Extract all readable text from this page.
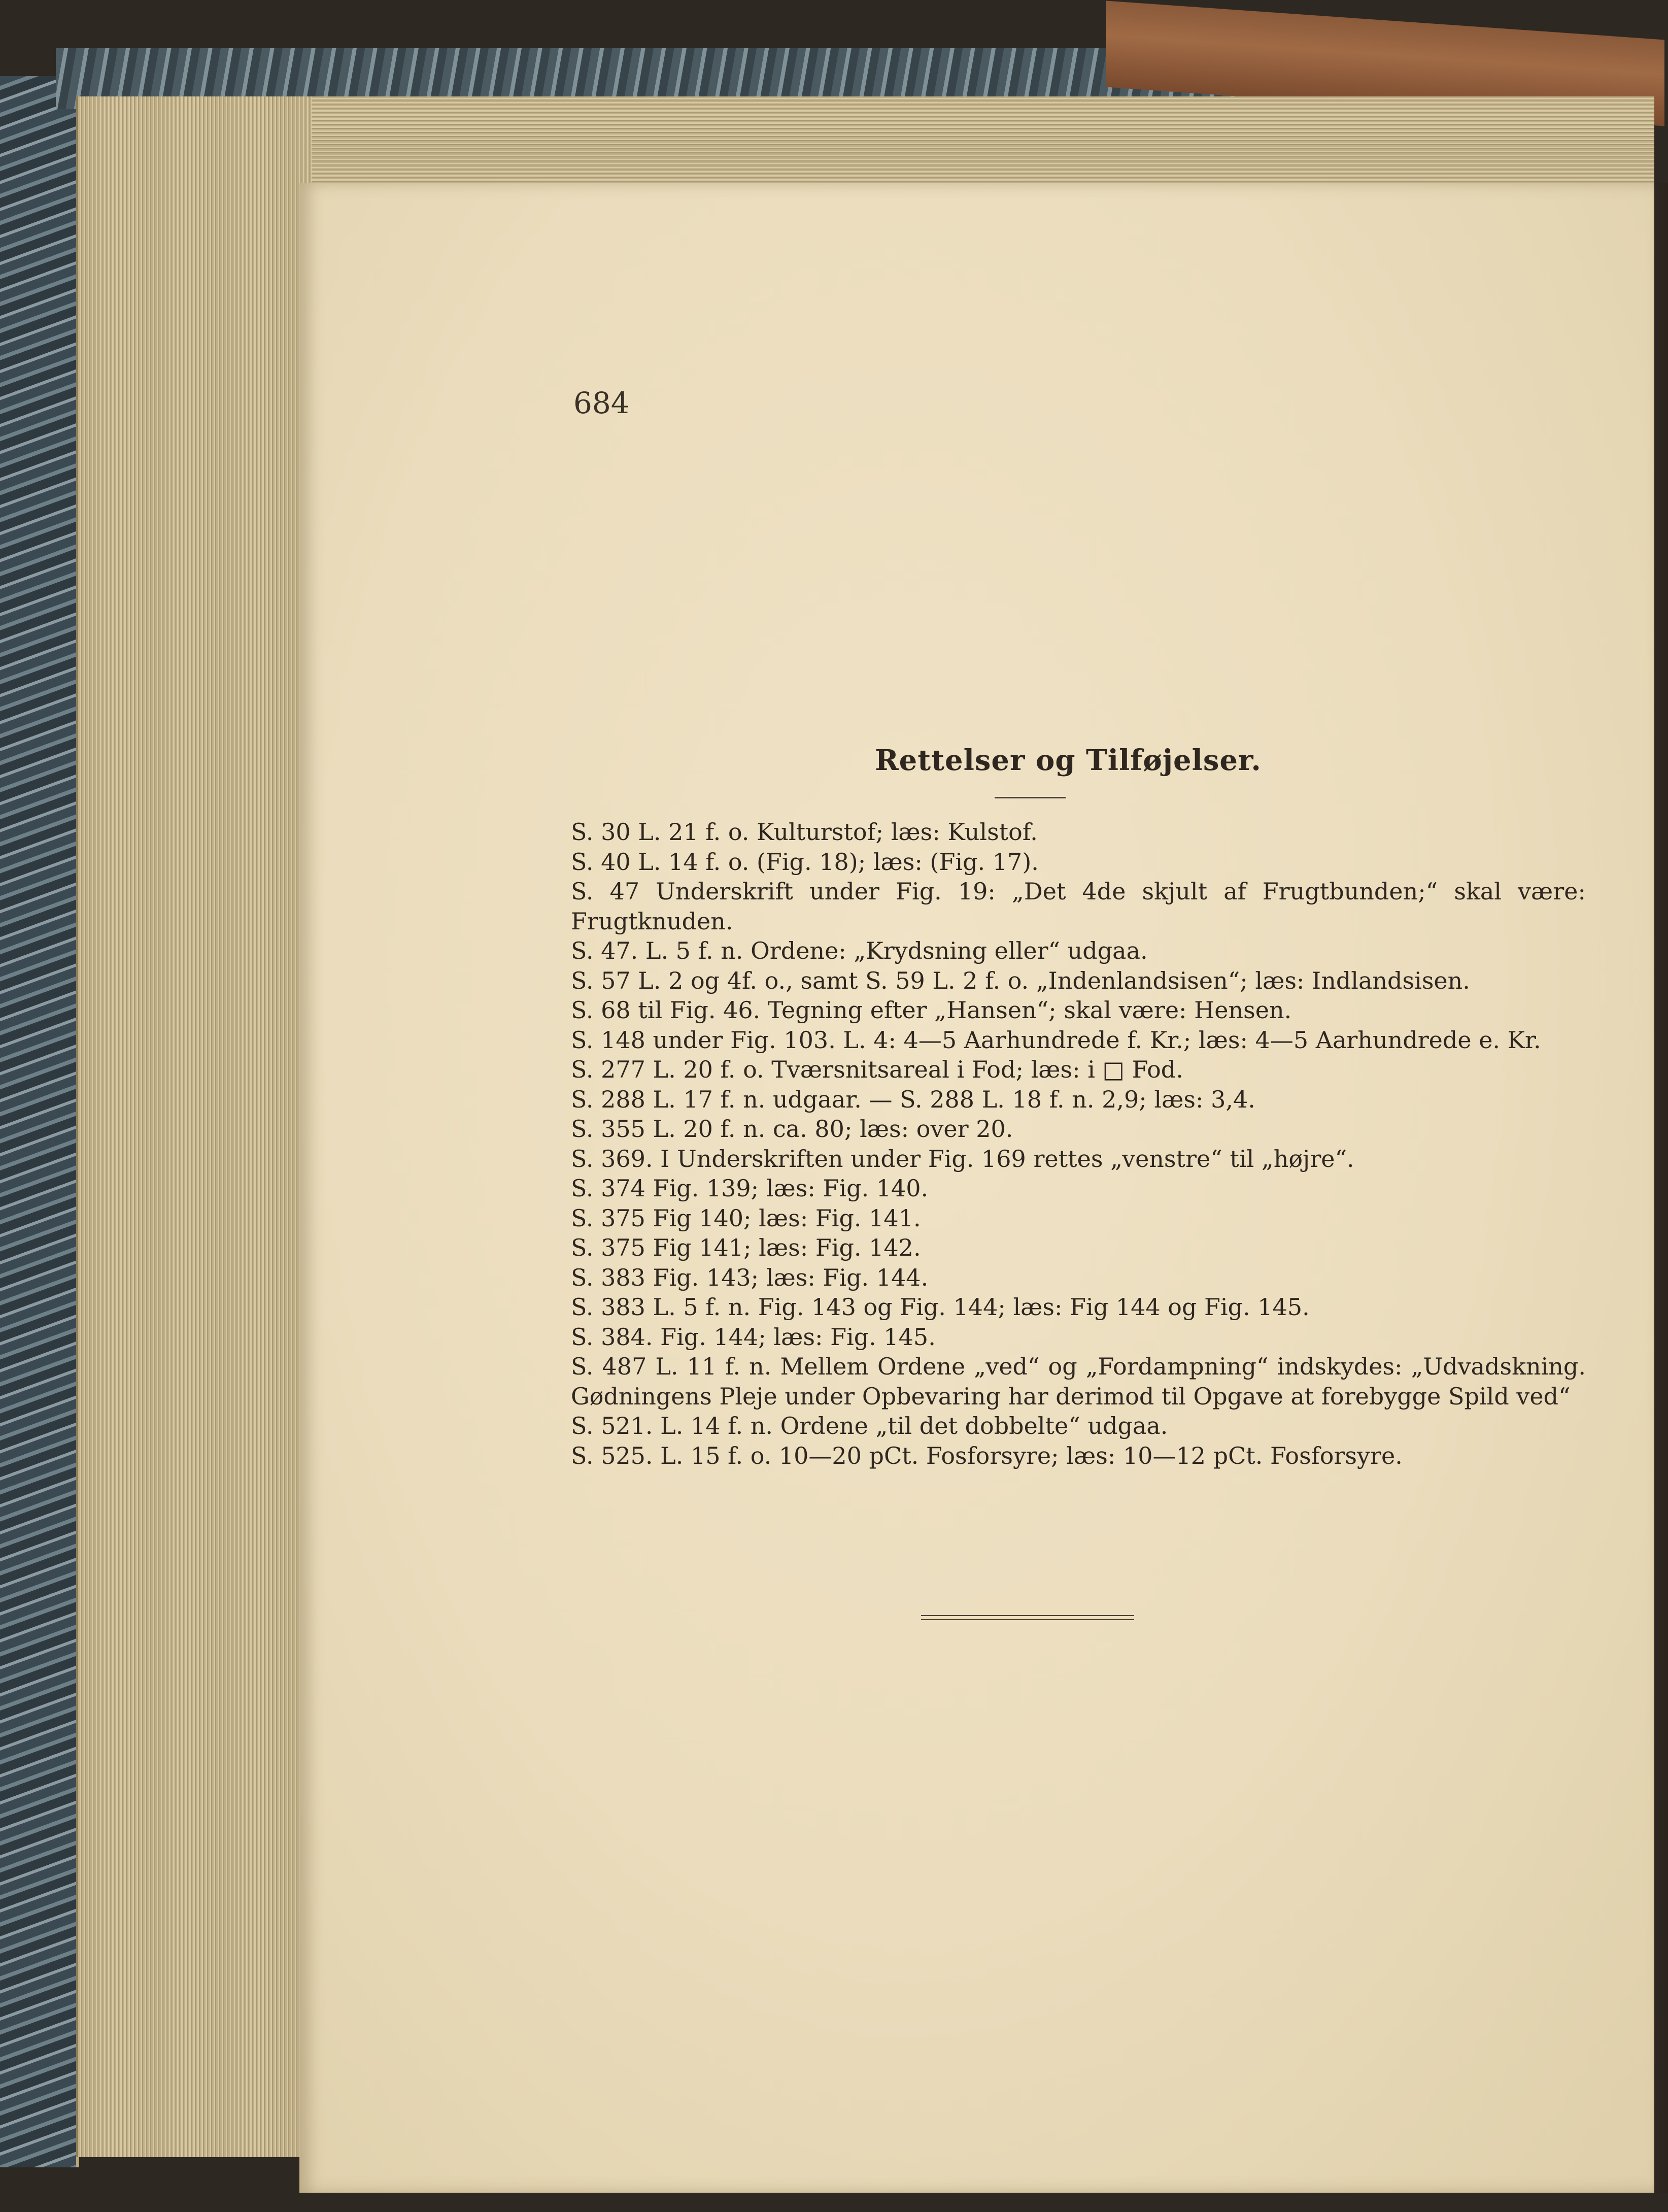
684
Rettelser og Tilføjelser.
S. 30 L. 21 f. o. Kulturstof; læs: Kulstof.
S. 40 L. 14 f. o. (Fig. 18); læs: (Fig. 17).
S. 47 Underskrift under Fig. 19: „Det 4de skjult af Frugtbunden;“ skal være: Frugtknuden.
S. 47. L. 5 f. n. Ordene: „Krydsning eller“ udgaa.
S. 57 L. 2 og 4f. o., samt S. 59 L. 2 f. o. „Indenlandsisen“; læs: Indlandsisen.
S. 68 til Fig. 46. Tegning efter „Hansen“; skal være: Hensen.
S. 148 under Fig. 103. L. 4: 4—5 Aarhundrede f. Kr.; læs: 4—5 Aarhundrede e. Kr.
S. 277 L. 20 f. o. Tværsnitsareal i Fod; læs: i □ Fod.
S. 288 L. 17 f. n. udgaar. — S. 288 L. 18 f. n. 2,9; læs: 3,4.
S. 355 L. 20 f. n. ca. 80; læs: over 20.
S. 369. I Underskriften under Fig. 169 rettes „venstre“ til „højre“.
S. 374 Fig. 139; læs: Fig. 140.
S. 375 Fig 140; læs: Fig. 141.
S. 375 Fig 141; læs: Fig. 142.
S. 383 Fig. 143; læs: Fig. 144.
S. 383 L. 5 f. n. Fig. 143 og Fig. 144; læs: Fig 144 og Fig. 145.
S. 384. Fig. 144; læs: Fig. 145.
S. 487 L. 11 f. n. Mellem Ordene „ved“ og „Fordampning“ indskydes: „Udvadskning. Gødningens Pleje under Opbevaring har derimod til Opgave at forebygge Spild ved“
S. 521. L. 14 f. n. Ordene „til det dobbelte“ udgaa.
S. 525. L. 15 f. o. 10—20 pCt. Fosforsyre; læs: 10—12 pCt. Fosforsyre.
